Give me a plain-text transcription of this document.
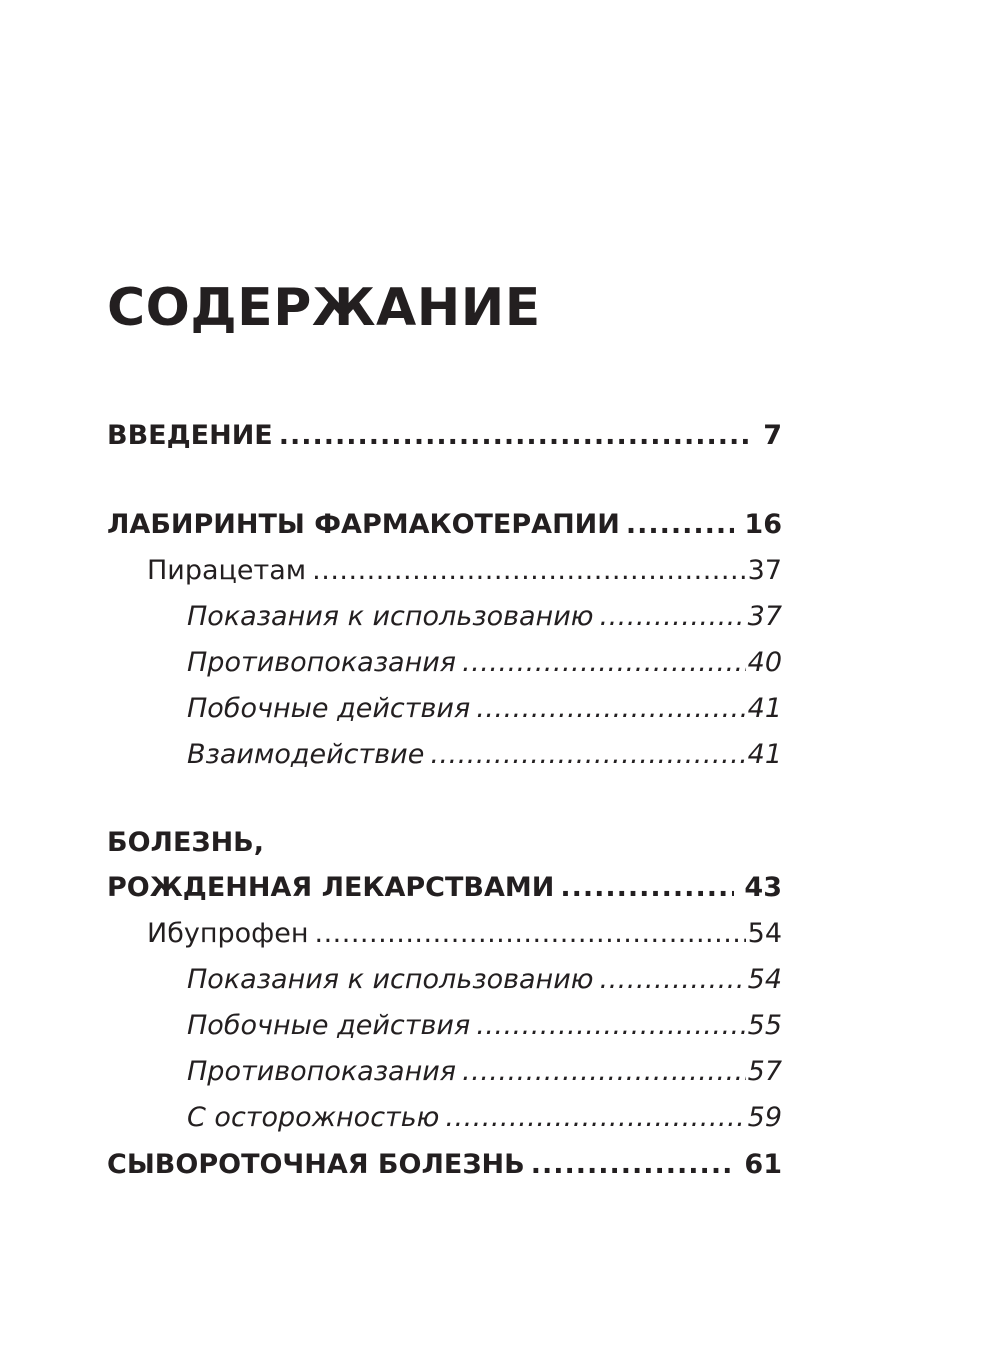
СОДЕРЖАНИЕ
ВВЕДЕНИЕ .....	7
ЛАБИРИНТЫ ФАРМАКОТЕРАПИИ .....	16
Пирацетам .....	37
Показания к использованию .....	37
Противопоказания .....	40
Побочные действия .....	41
Взаимодействие .....	41
БОЛЕЗНЬ,
РОЖДЕННАЯ ЛЕКАРСТВАМИ .....	43
Ибупрофен .....	54
Показания к использованию .....	54
Побочные действия .....	55
Противопоказания .....	57
С осторожностью .....	59
СЫВОРОТОЧНАЯ БОЛЕЗНЬ .....	61
